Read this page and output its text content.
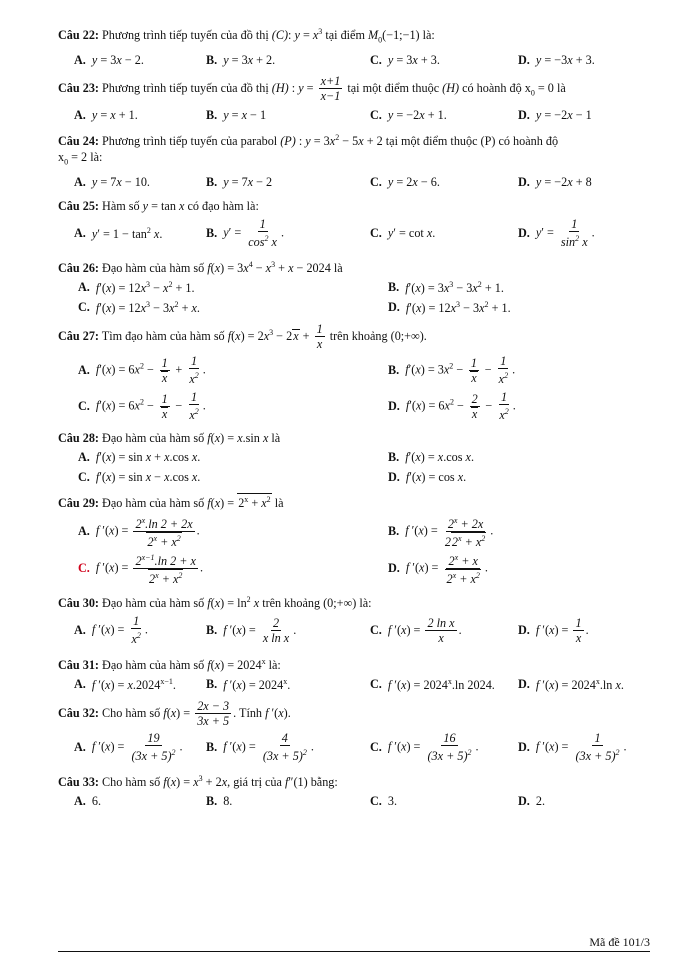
Câu 22: Phương trình tiếp tuyến của đồ thị (C): $y = x^3$ tại điểm $M_0(-1;-1)$ là:
A. y = 3x − 2.	B. y = 3x + 2.	C. y = 3x + 3.	D. y = −3x + 3.
Câu 23: Phương trình tiếp tuyến của đồ thị (H) : $y = \frac{x+1}{x-1}$ tại một điểm thuộc (H) có hoành độ $x_0 = 0$ là
A. y = x + 1.	B. y = x − 1	C. y = −2x + 1.	D. y = −2x − 1
Câu 24: Phương trình tiếp tuyến của parabol (P) : $y = 3x^2 - 5x + 2$ tại một điểm thuộc (P) có hoành độ
$x_0 = 2$ là:
A. y = 7x − 10.	B. y = 7x − 2	C. y = 2x − 6.	D. y = −2x + 8
Câu 25: Hàm số y = tan x có đạo hàm là:
A. $y' = 1 - \tan^2 x$.	B. $y' = \frac{1}{\cos^2 x}$ .	C. y′ = cot x.	D. $y' = \frac{1}{\sin^2 x}$ .
Câu 26: Đạo hàm của hàm số $f(x) = 3x^4 - x^3 + x - 2024$ là
A. $f'(x) = 12x^3 - x^2 + 1$.	B. $f'(x) = 3x^3 - 3x^2 + 1$.
C. $f'(x) = 12x^3 - 3x^2 + x$.	D. $f'(x) = 12x^3 - 3x^2 + 1$.
Câu 27: Tìm đạo hàm của hàm số $f(x) = 2x^3 - 2x + \frac{1}{x}$ trên khoảng (0;+∞).
A. $f'(x) = 6x^2 - \frac{1}{x} + \frac{1}{x^2}$ .	B. $f'(x) = 3x^2 - \frac{1}{x} - \frac{1}{x^2}$ .
C. $f'(x) = 6x^2 - \frac{1}{x} - \frac{1}{x^2}$ .	D. $f'(x) = 6x^2 - \frac{2}{x} - \frac{1}{x^2}$ .
Câu 28: Đạo hàm của hàm số f(x) = x.sin x là
A. f′(x) = sin x + x.cos x.	B. f′(x) = x.cos x.
C. f′(x) = sin x − x.cos x.	D. f′(x) = cos x.
Câu 29: Đạo hàm của hàm số $f(x) = 2^x + x^2$ là
A. f $'(x) = \frac{2^x.\ln 2 + 2x}{2^x + x^2}$ .	B. f $'(x) = \frac{2^x + 2x}{22^x + x^2}$ .
C. f $'(x) = \frac{2^{x-1}.\ln 2 + x}{2^x + x^2}$ .	D. f $'(x) = \frac{2^x + x}{2^x + x^2}$ .
Câu 30: Đạo hàm của hàm số $f(x) = \ln^2 x$ trên khoảng (0;+∞) là:
A. f $'(x) = \frac{1}{x^2}$ .	B. f $'(x) = \frac{2}{\text{x ln x}}$ .	C. f $'(x) = \frac{\text{2 ln x}}{x}$ .	D. f $'(x) = \frac{1}{x}$ .
Câu 31: Đạo hàm của hàm số $f(x) = 2024^x$ là:
A. f $'(x) = x.2024^{x-1}$. B. f $'(x) = 2024^x$.	C. f $'(x) = 2024^x.\ln$ 2024. D. f $'(x) = 2024^x.\ln$ x.
Câu 32: Cho hàm số $f(x) = \frac{2x - 3}{3x + 5}$ . Tính f ′(x).
A. f $'(x) = \frac{19}{(3x + 5)^2}$ . B. f $'(x) = \frac{4}{(3x + 5)^2}$ .	C. f $'(x) = \frac{16}{(3x + 5)^2}$ .	D. f $'(x) = \frac{1}{(3x + 5)^2}$ .
Câu 33: Cho hàm số $f(x) = x^3 + 2x$, giá trị của f″(1) bằng:
A. 6.	B. 8.	C. 3.	D. 2.
Mã đề 101/3
